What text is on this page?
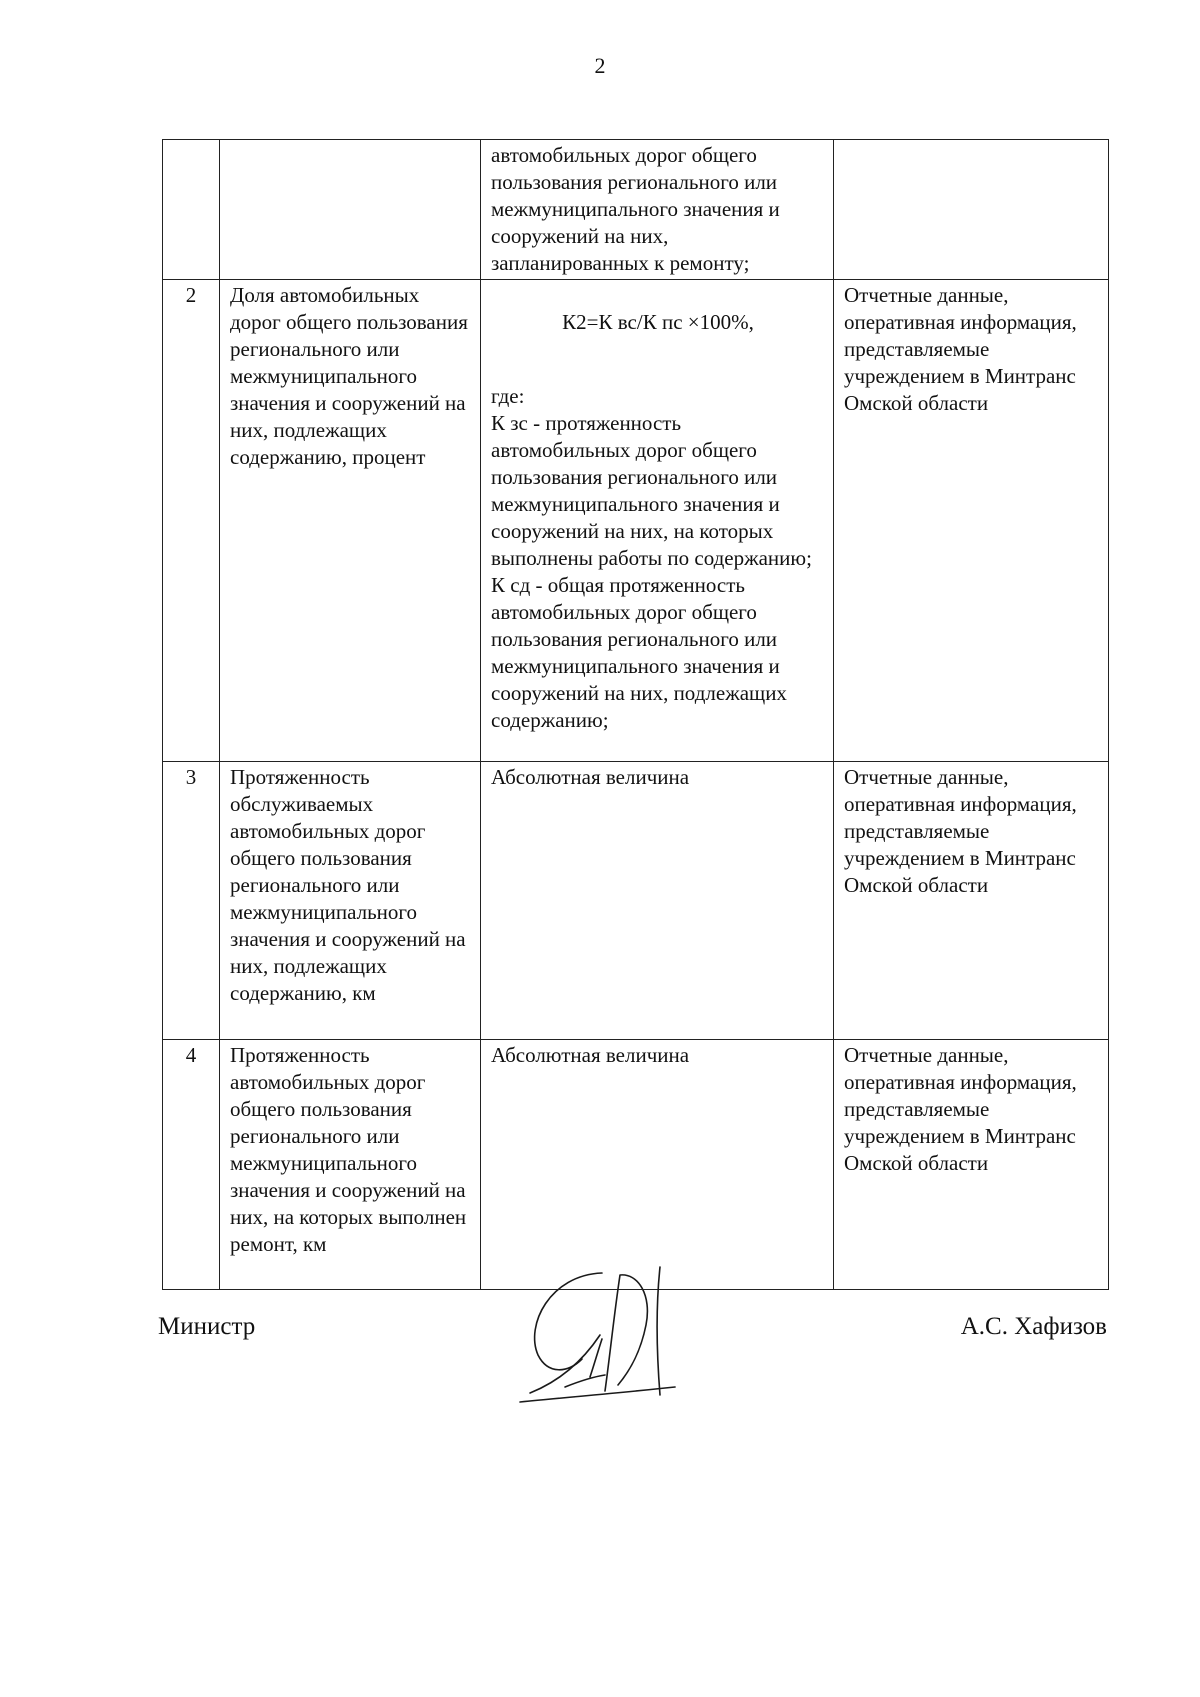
2
		автомобильных дорог общего пользования регионального или межмуниципального значения и сооружений на них, запланированных к ремонту;	
2	Доля автомобильных дорог общего пользования регионального или межмуниципального значения и сооружений на них, подлежащих содержанию, процент	К2=К вс/К пс ×100%,

где:
К зс - протяженность автомобильных дорог общего пользования регионального или межмуниципального значения и сооружений на них, на которых выполнены работы по содержанию;
К сд - общая протяженность автомобильных дорог общего пользования регионального или межмуниципального значения и сооружений на них, подлежащих содержанию;	Отчетные данные, оперативная информация, представляемые учреждением в Минтранс Омской области
3	Протяженность обслуживаемых автомобильных дорог общего пользования регионального или межмуниципального значения и сооружений на них, подлежащих содержанию, км	Абсолютная величина	Отчетные данные, оперативная информация, представляемые учреждением в Минтранс Омской области
4	Протяженность автомобильных дорог общего пользования регионального или межмуниципального значения и сооружений на них, на которых выполнен ремонт, км	Абсолютная величина	Отчетные данные, оперативная информация, представляемые учреждением в Минтранс Омской области
Министр	А.С. Хафизов
